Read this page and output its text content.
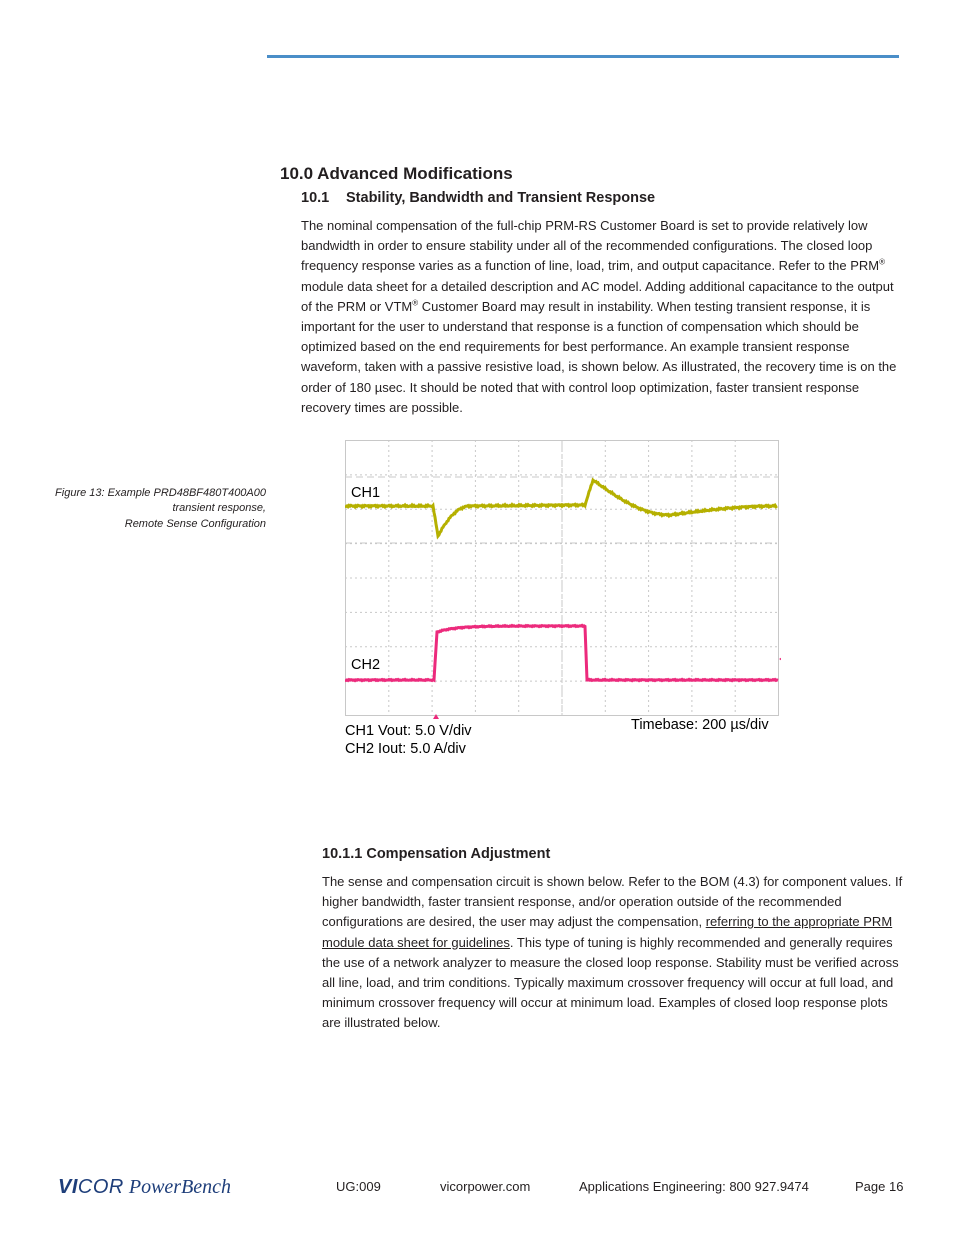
10.0 Advanced Modifications
10.1 Stability, Bandwidth and Transient Response

The nominal compensation of the full-chip PRM-RS Customer Board is set to provide relatively low bandwidth in order to ensure stability under all of the recommended configurations. The closed loop frequency response varies as a function of line, load, trim, and output capacitance. Refer to the PRM® module data sheet for a detailed description and AC model. Adding additional capacitance to the output of the PRM or VTM® Customer Board may result in instability. When testing transient response, it is important for the user to understand that response is a function of compensation which should be optimized based on the end requirements for best performance. An example transient response waveform, taken with a passive resistive load, is shown below. As illustrated, the recovery time is on the order of 180 µsec. It should be noted that with control loop optimization, faster transient response recovery times are possible.

Figure 13: Example PRD48BF480T400A00
transient response,
Remote Sense Configuration
CH1
CH2
CH1 Vout: 5.0 V/div
CH2 Iout: 5.0 A/div
Timebase: 200 µs/div
10.1.1 Compensation Adjustment

The sense and compensation circuit is shown below. Refer to the BOM (4.3) for component values. If higher bandwidth, faster transient response, and/or operation outside of the recommended configurations are desired, the user may adjust the compensation, referring to the appropriate PRM module data sheet for guidelines. This type of tuning is highly recommended and generally requires the use of a network analyzer to measure the closed loop response. Stability must be verified across all line, load, and trim conditions. Typically maximum crossover frequency will occur at full load, and minimum crossover frequency will occur at minimum load. Examples of closed loop response plots are illustrated below.

VICOR PowerBench	UG:009	vicorpower.com	Applications Engineering: 800 927.9474	Page 16
